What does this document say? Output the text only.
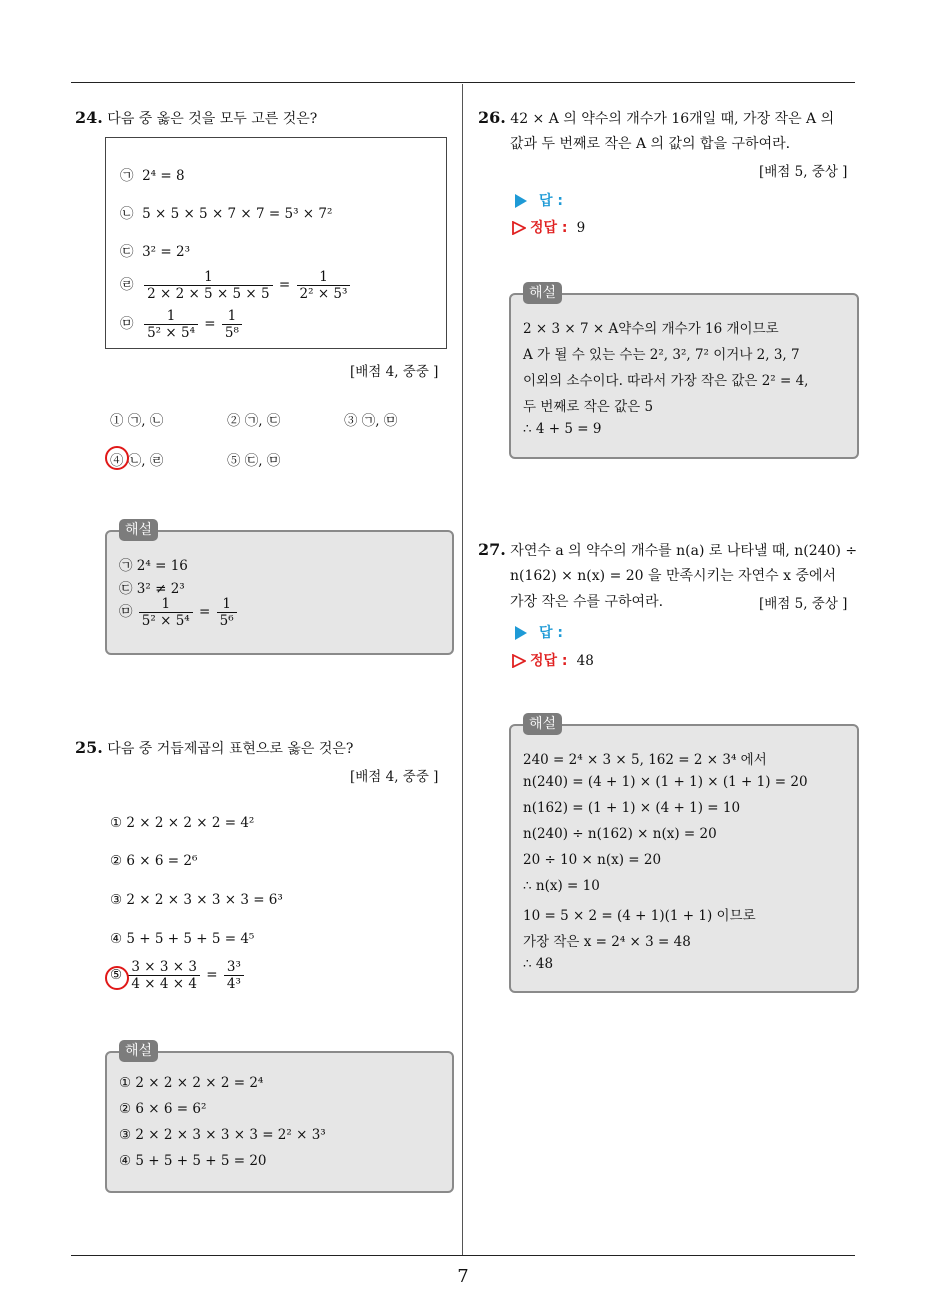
7
24. 다음 중 옳은 것을 모두 고른 것은?
㉠ 2⁴ = 8
㉡ 5 × 5 × 5 × 7 × 7 = 5³ × 7²
㉢ 3² = 2³
㉣ $\frac{1}{2 \times 2 \times 5 \times 5 \times 5} = \frac{1}{\text{2² × 5³}}$
㉤ $\frac{1}{\text{5² × 5⁴}} = \frac{1}{\text{5⁸}}$
[배점 4, 중중 ]
① ㉠, ㉡	② ㉠, ㉢	③ ㉠, ㉤
④ ㉡, ㉣	⑤ ㉢, ㉤
㉠ 2⁴ = 16
㉢ 3² ≠ 2³
㉤ $\frac{1}{\text{5² × 5⁴}} = \frac{1}{\text{5⁶}}$
해설
25. 다음 중 거듭제곱의 표현으로 옳은 것은?
[배점 4, 중중 ]
① 2 × 2 × 2 × 2 = 4²
② 6 × 6 = 2⁶
③ 2 × 2 × 3 × 3 × 3 = 6³
④ 5 + 5 + 5 + 5 = 4⁵
⑤ $\frac{3 \times 3 \times 3}{4 \times 4 \times 4} = \frac{\text{3³}}{\text{4³}}$
① 2 × 2 × 2 × 2 = 2⁴
② 6 × 6 = 6²
③ 2 × 2 × 3 × 3 × 3 = 2² × 3³
④ 5 + 5 + 5 + 5 = 20
해설
26. 42 × A 의 약수의 개수가 16개일 때, 가장 작은 A 의
값과 두 번째로 작은 A 의 값의 합을 구하여라.
[배점 5, 중상 ]
답 :
정답 : 9
2 × 3 × 7 × A약수의 개수가 16 개이므로
A 가 될 수 있는 수는 2², 3², 7² 이거나 2, 3, 7
이외의 소수이다. 따라서 가장 작은 값은 2² = 4,
두 번째로 작은 값은 5
∴ 4 + 5 = 9
해설
27. 자연수 a 의 약수의 개수를 n(a) 로 나타낼 때, n(240) ÷
n(162) × n(x) = 20 을 만족시키는 자연수 x 중에서
가장 작은 수를 구하여라.	[배점 5, 중상 ]
답 :
정답 : 48
240 = 2⁴ × 3 × 5, 162 = 2 × 3⁴ 에서
n(240) = (4 + 1) × (1 + 1) × (1 + 1) = 20
n(162) = (1 + 1) × (4 + 1) = 10
n(240) ÷ n(162) × n(x) = 20
20 ÷ 10 × n(x) = 20
∴ n(x) = 10
10 = 5 × 2 = (4 + 1)(1 + 1) 이므로
가장 작은 x = 2⁴ × 3 = 48
∴ 48
해설
